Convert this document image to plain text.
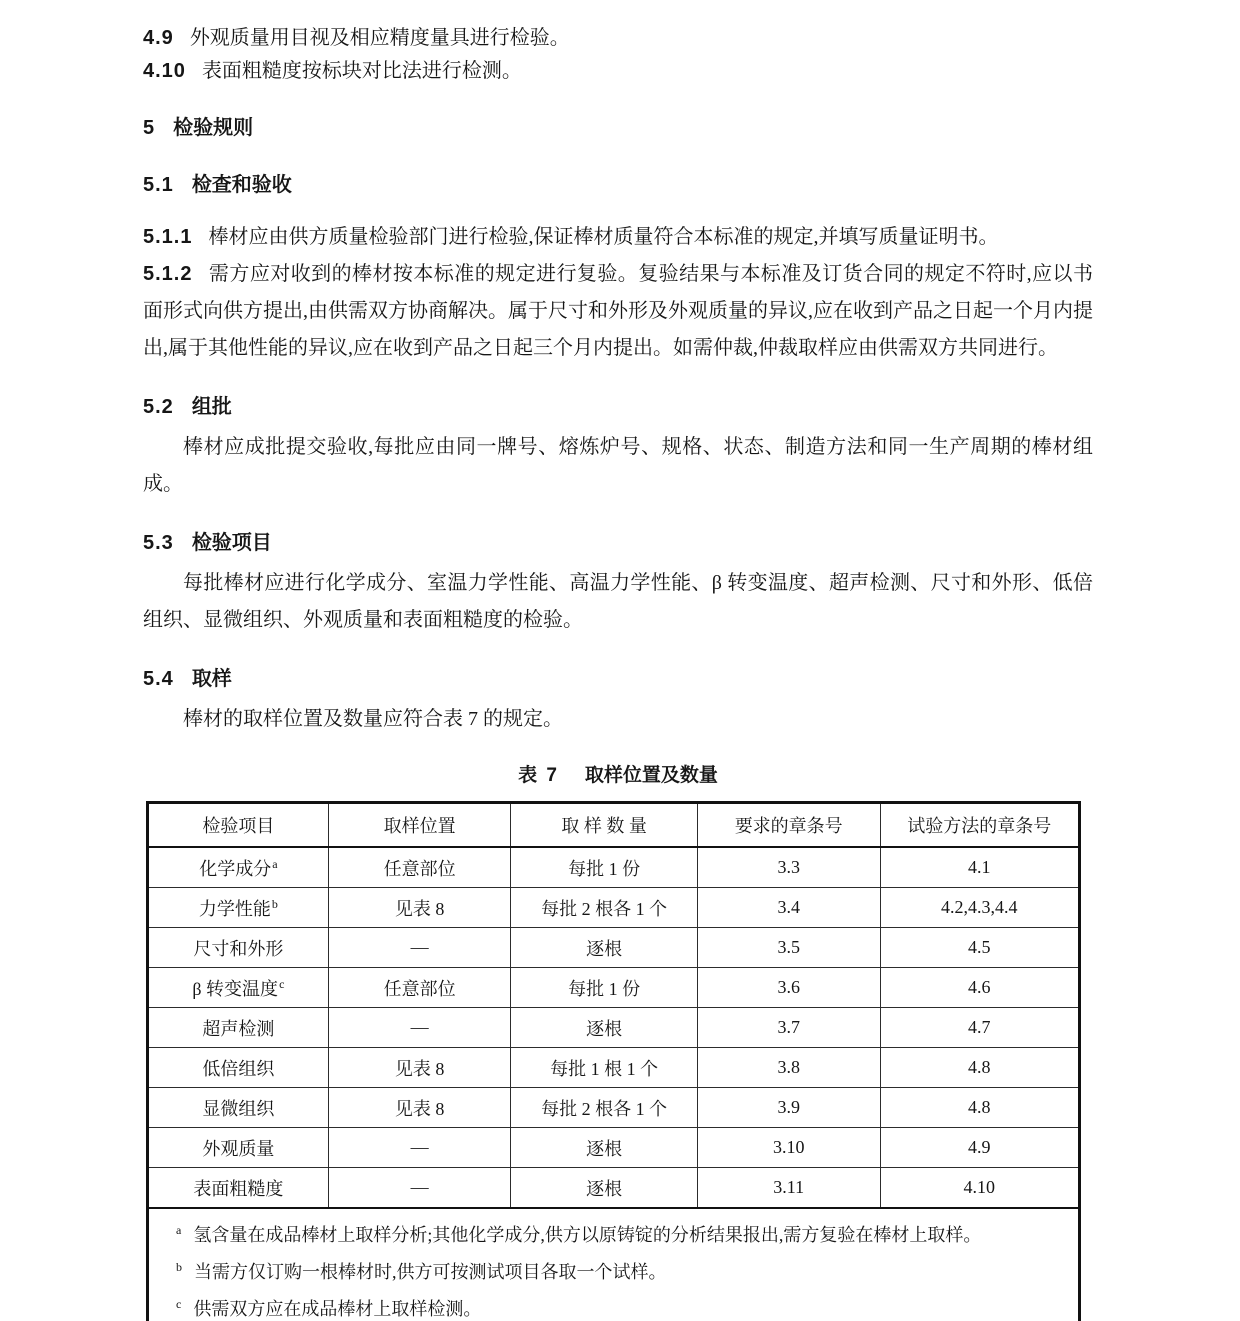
4.9 外观质量用目视及相应精度量具进行检验。

4.10 表面粗糙度按标块对比法进行检测。

5 检验规则
5.1 检查和验收

5.1.1 棒材应由供方质量检验部门进行检验,保证棒材质量符合本标准的规定,并填写质量证明书。

5.1.2 需方应对收到的棒材按本标准的规定进行复验。复验结果与本标准及订货合同的规定不符时,应以书面形式向供方提出,由供需双方协商解决。属于尺寸和外形及外观质量的异议,应在收到产品之日起一个月内提出,属于其他性能的异议,应在收到产品之日起三个月内提出。如需仲裁,仲裁取样应由供需双方共同进行。

5.2 组批

棒材应成批提交验收,每批应由同一牌号、熔炼炉号、规格、状态、制造方法和同一生产周期的棒材组成。

5.3 检验项目

每批棒材应进行化学成分、室温力学性能、高温力学性能、β 转变温度、超声检测、尺寸和外形、低倍组织、显微组织、外观质量和表面粗糙度的检验。

5.4 取样

棒材的取样位置及数量应符合表 7 的规定。

表 7 取样位置及数量
检验项目	取样位置	取 样 数 量	要求的章条号	试验方法的章条号
化学成分$^a$	任意部位	每批 1 份	3.3	4.1
力学性能$^b$	见表 8	每批 2 根各 1 个	3.4	4.2,4.3,4.4
尺寸和外形	—	逐根	3.5	4.5
β 转变温度$^c$	任意部位	每批 1 份	3.6	4.6
超声检测	—	逐根	3.7	4.7
低倍组织	见表 8	每批 1 根 1 个	3.8	4.8
显微组织	见表 8	每批 2 根各 1 个	3.9	4.8
外观质量	—	逐根	3.10	4.9
表面粗糙度	—	逐根	3.11	4.10

$^a$ 氢含量在成品棒材上取样分析;其他化学成分,供方以原铸锭的分析结果报出,需方复验在棒材上取样。
$^b$ 当需方仅订购一根棒材时,供方可按测试项目各取一个试样。
$^c$ 供需双方应在成品棒材上取样检测。				
